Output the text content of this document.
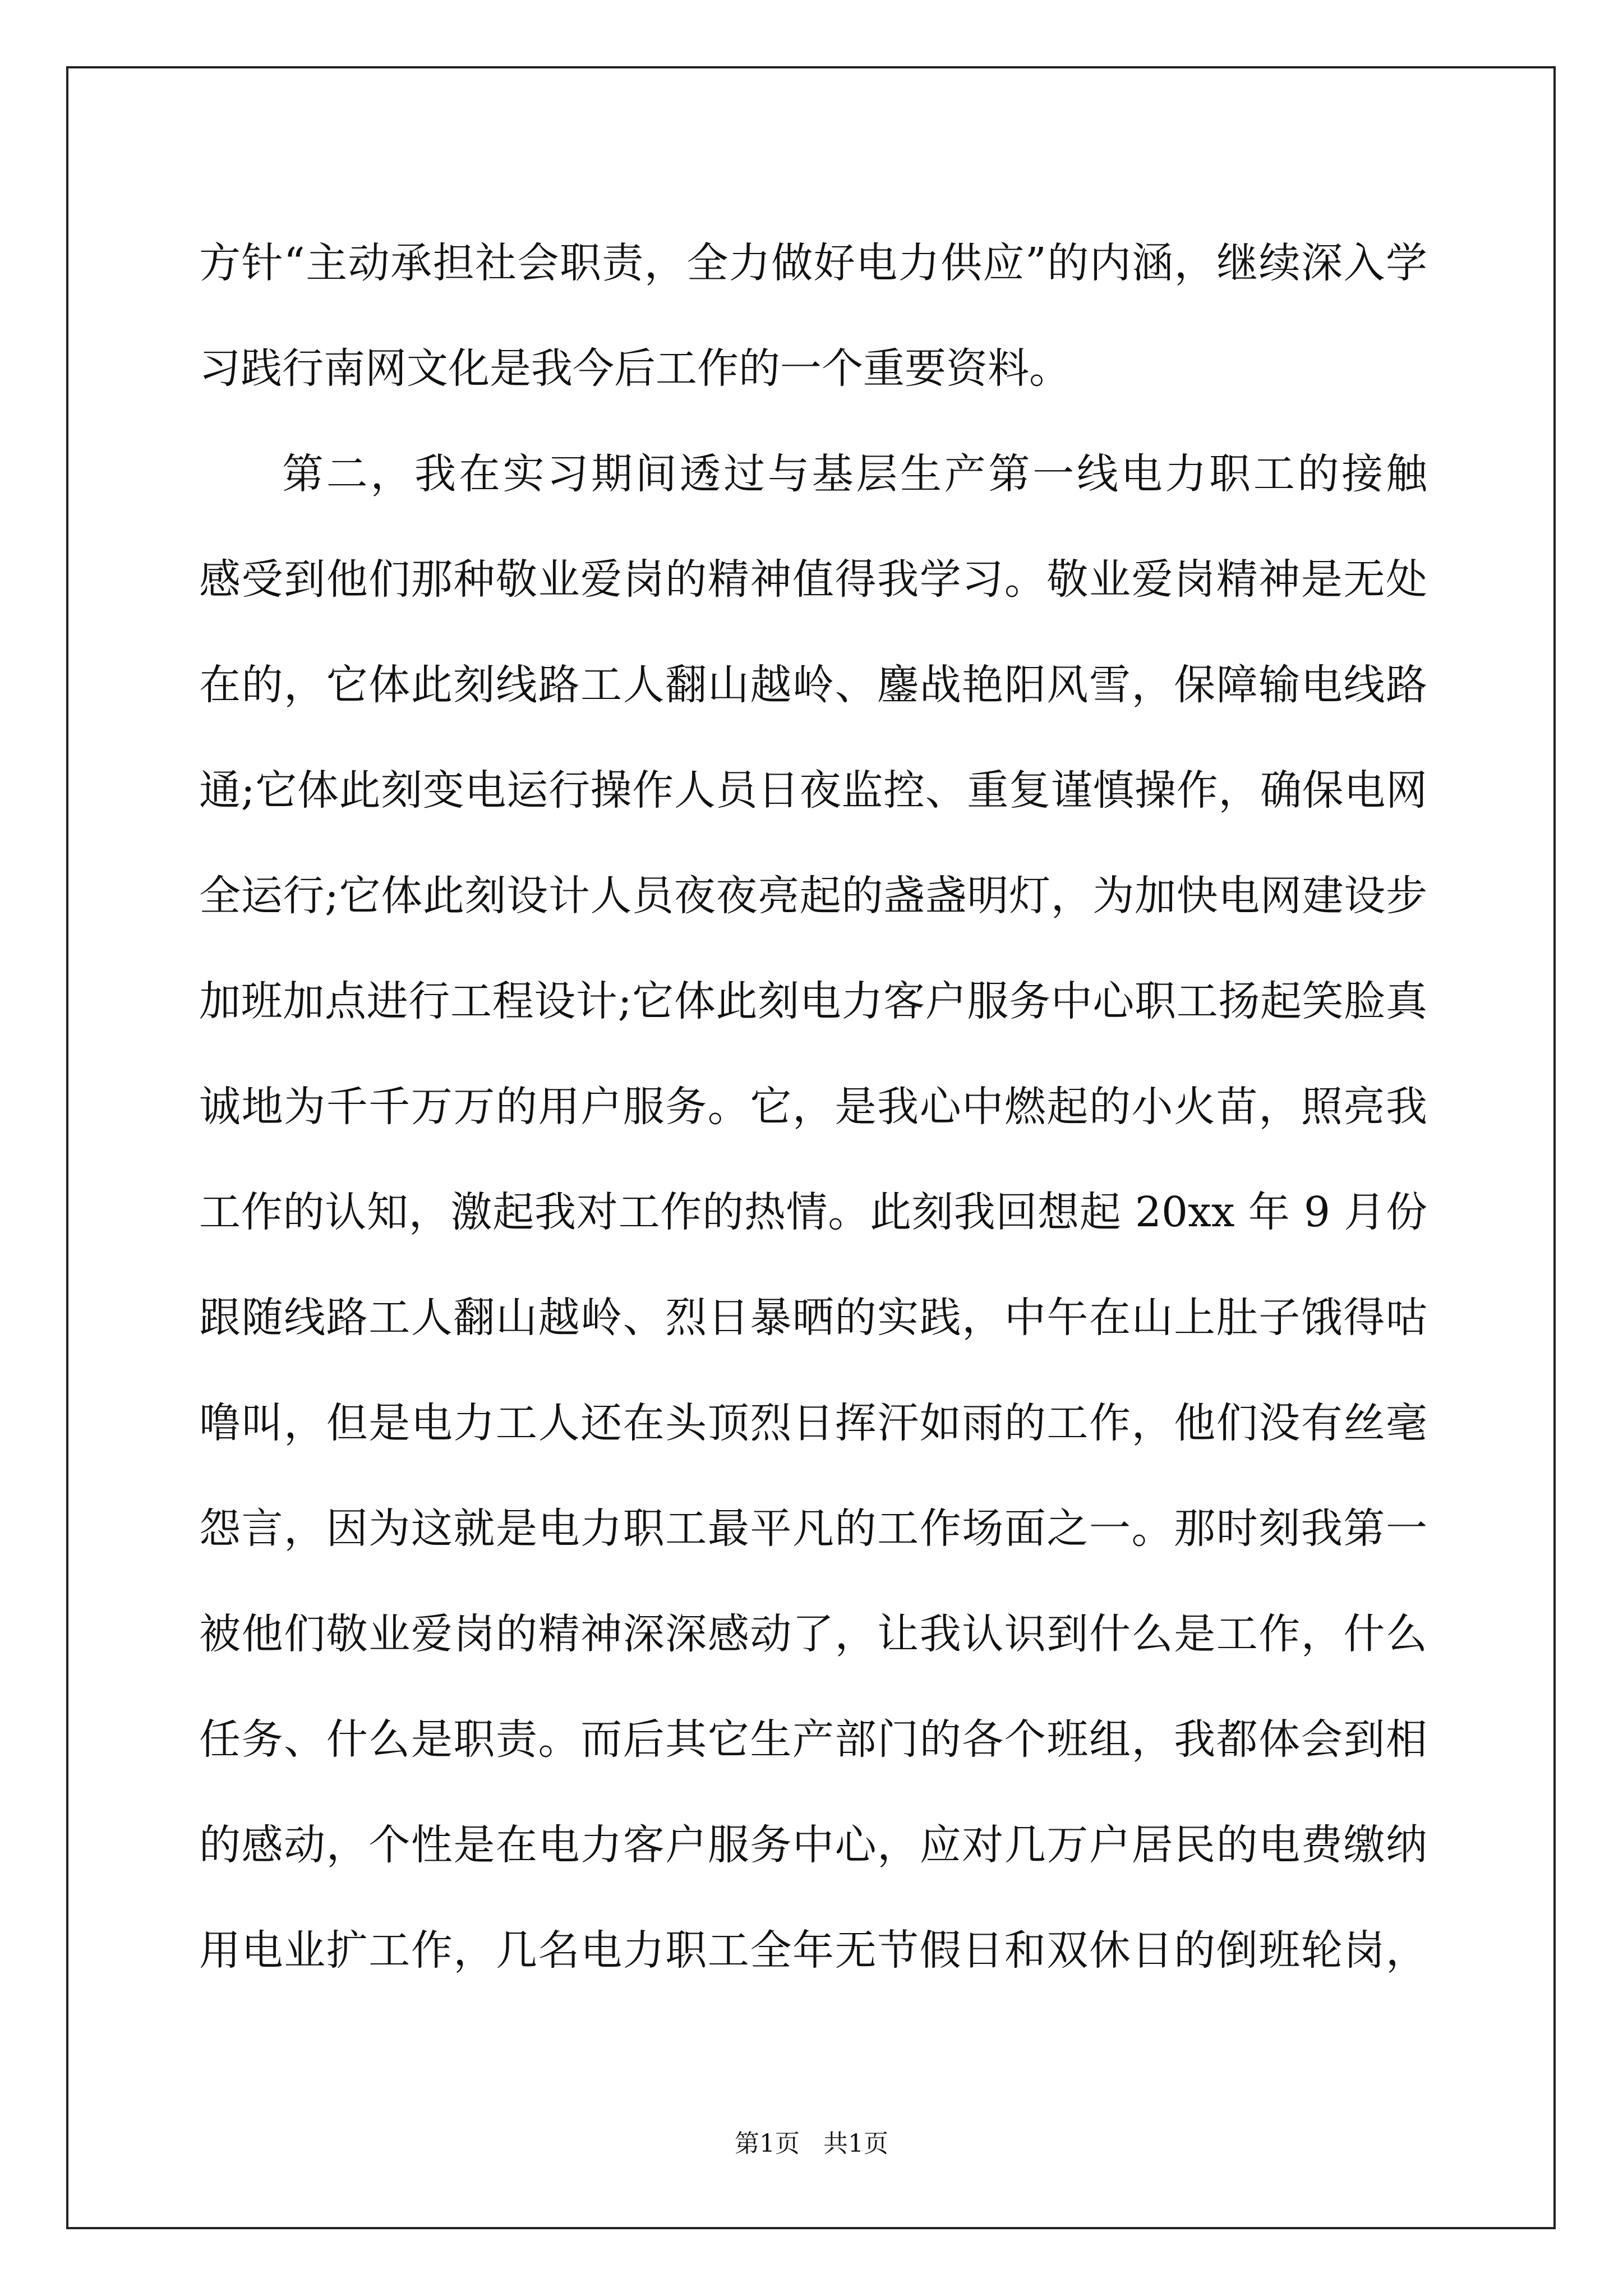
方针“主动承担社会职责，全力做好电力供应”的内涵，继续深入学
习践行南网文化是我今后工作的一个重要资料。
第二，我在实习期间透过与基层生产第一线电力职工的接触
感受到他们那种敬业爱岗的精神值得我学习。敬业爱岗精神是无处
在的，它体此刻线路工人翻山越岭、鏖战艳阳风雪，保障输电线路
通;它体此刻变电运行操作人员日夜监控、重复谨慎操作，确保电网
全运行;它体此刻设计人员夜夜亮起的盏盏明灯，为加快电网建设步
加班加点进行工程设计;它体此刻电力客户服务中心职工扬起笑脸真
诚地为千千万万的用户服务。它，是我心中燃起的小火苗，照亮我
工作的认知，激起我对工作的热情。此刻我回想起 20xx 年 9 月份
跟随线路工人翻山越岭、烈日暴晒的实践，中午在山上肚子饿得咕
噜叫，但是电力工人还在头顶烈日挥汗如雨的工作，他们没有丝毫
怨言，因为这就是电力职工最平凡的工作场面之一。那时刻我第一
被他们敬业爱岗的精神深深感动了，让我认识到什么是工作，什么
任务、什么是职责。而后其它生产部门的各个班组，我都体会到相
的感动，个性是在电力客户服务中心，应对几万户居民的电费缴纳
用电业扩工作，几名电力职工全年无节假日和双休日的倒班轮岗，
第1页 共1页
